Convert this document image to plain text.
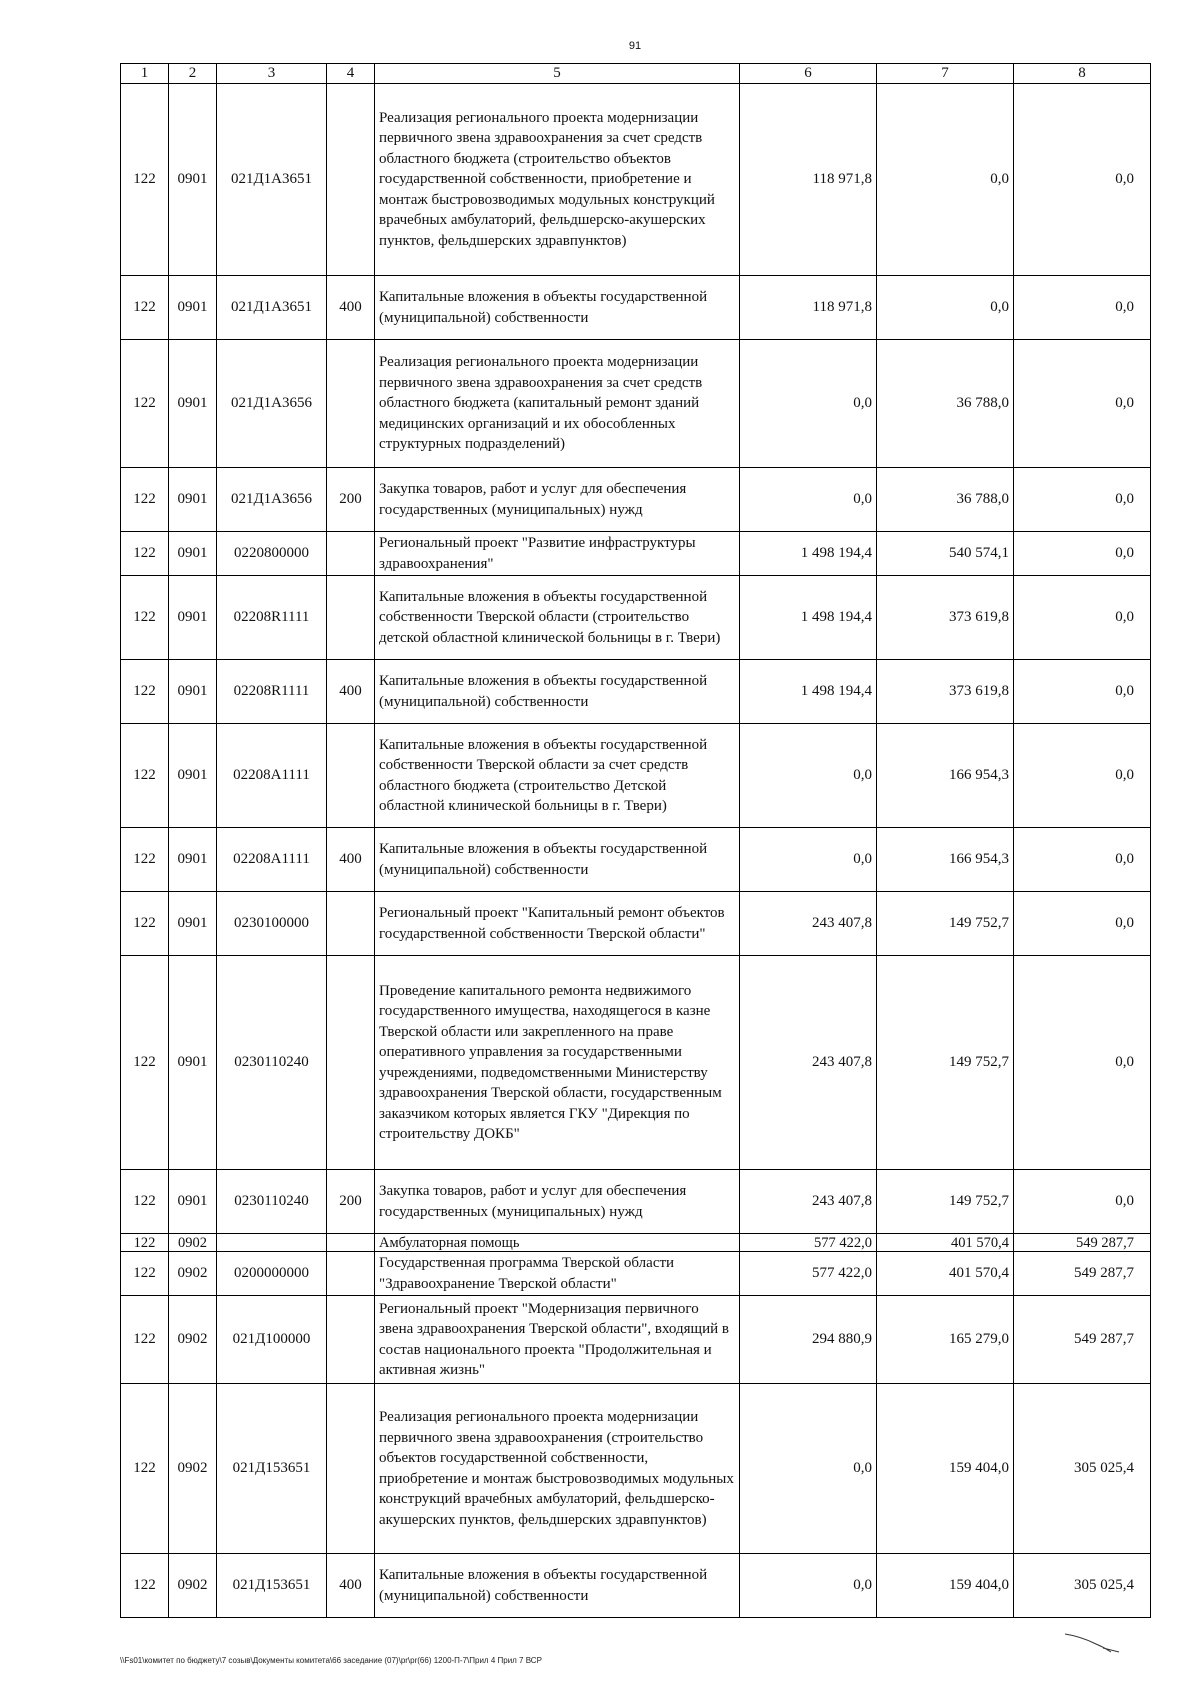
91
1	2	3	4	5	6	7	8
122	0901	021Д1А3651		Реализация регионального проекта модернизации первичного звена здравоохранения за счет средств областного бюджета (строительство объектов государственной собственности, приобретение и монтаж быстровозводимых модульных конструкций врачебных амбулаторий, фельдшерско-акушерских пунктов, фельдшерских здравпунктов)	118 971,8	0,0	0,0
122	0901	021Д1А3651	400	Капитальные вложения в объекты государственной (муниципальной) собственности	118 971,8	0,0	0,0
122	0901	021Д1А3656		Реализация регионального проекта модернизации первичного звена здравоохранения за счет средств областного бюджета (капитальный ремонт зданий медицинских организаций и их обособленных структурных подразделений)	0,0	36 788,0	0,0
122	0901	021Д1А3656	200	Закупка товаров, работ и услуг для обеспечения государственных (муниципальных) нужд	0,0	36 788,0	0,0
122	0901	0220800000		Региональный проект "Развитие инфраструктуры здравоохранения"	1 498 194,4	540 574,1	0,0
122	0901	02208R1111		Капитальные вложения в объекты государственной собственности Тверской области (строительство детской областной клинической больницы в г. Твери)	1 498 194,4	373 619,8	0,0
122	0901	02208R1111	400	Капитальные вложения в объекты государственной (муниципальной) собственности	1 498 194,4	373 619,8	0,0
122	0901	02208А1111		Капитальные вложения в объекты государственной собственности Тверской области за счет средств областного бюджета (строительство Детской областной клинической больницы в г. Твери)	0,0	166 954,3	0,0
122	0901	02208А1111	400	Капитальные вложения в объекты государственной (муниципальной) собственности	0,0	166 954,3	0,0
122	0901	0230100000		Региональный проект "Капитальный ремонт объектов государственной собственности Тверской области"	243 407,8	149 752,7	0,0
122	0901	0230110240		Проведение капитального ремонта недвижимого государственного имущества, находящегося в казне Тверской области или закрепленного на праве оперативного управления за государственными учреждениями, подведомственными Министерству здравоохранения Тверской области, государственным заказчиком которых является ГКУ "Дирекция по строительству ДОКБ"	243 407,8	149 752,7	0,0
122	0901	0230110240	200	Закупка товаров, работ и услуг для обеспечения государственных (муниципальных) нужд	243 407,8	149 752,7	0,0
122	0902			Амбулаторная помощь	577 422,0	401 570,4	549 287,7
122	0902	0200000000		Государственная программа Тверской области "Здравоохранение Тверской области"	577 422,0	401 570,4	549 287,7
122	0902	021Д100000		Региональный проект "Модернизация первичного звена здравоохранения Тверской области", входящий в состав национального проекта "Продолжительная и активная жизнь"	294 880,9	165 279,0	549 287,7
122	0902	021Д153651		Реализация регионального проекта модернизации первичного звена здравоохранения (строительство объектов государственной собственности, приобретение и монтаж быстровозводимых модульных конструкций врачебных амбулаторий, фельдшерско-акушерских пунктов, фельдшерских здравпунктов)	0,0	159 404,0	305 025,4
122	0902	021Д153651	400	Капитальные вложения в объекты государственной (муниципальной) собственности	0,0	159 404,0	305 025,4
\\Fs01\комитет по бюджету\7 созыв\Документы комитета\66 заседание (07)\pr\pr(66) 1200-П-7\Прил 4 Прил 7 ВСР
